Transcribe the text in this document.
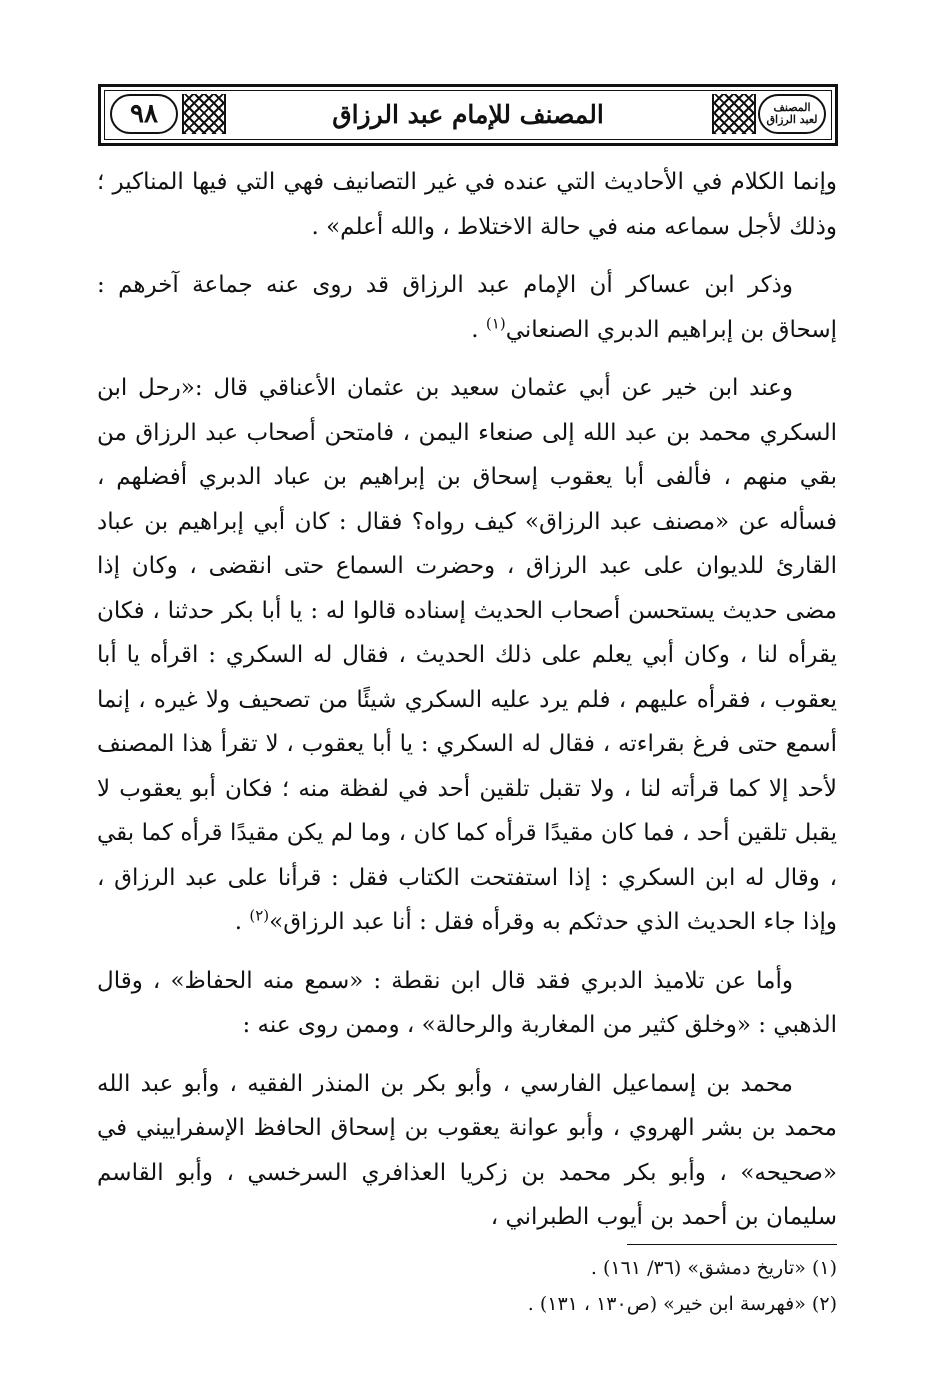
٩٨	المصنف للإمام عبد الرزاق	المصنف
لعبد الرزاق

وإنما الكلام في الأحاديث التي عنده في غير التصانيف فهي التي فيها المناكير ؛ وذلك لأجل سماعه منه في حالة الاختلاط ، والله أعلم» .

وذكر ابن عساكر أن الإمام عبد الرزاق قد روى عنه جماعة آخرهم : إسحاق بن إبراهيم الدبري الصنعاني$^{(١)}$ .

وعند ابن خير عن أبي عثمان سعيد بن عثمان الأعناقي قال :«رحل ابن السكري محمد بن عبد الله إلى صنعاء اليمن ، فامتحن أصحاب عبد الرزاق من بقي منهم ، فألفى أبا يعقوب إسحاق بن إبراهيم بن عباد الدبري أفضلهم ، فسأله عن «مصنف عبد الرزاق» كيف رواه؟ فقال : كان أبي إبراهيم بن عباد القارئ للديوان على عبد الرزاق ، وحضرت السماع حتى انقضى ، وكان إذا مضى حديث يستحسن أصحاب الحديث إسناده قالوا له : يا أبا بكر حدثنا ، فكان يقرأه لنا ، وكان أبي يعلم على ذلك الحديث ، فقال له السكري : اقرأه يا أبا يعقوب ، فقرأه عليهم ، فلم يرد عليه السكري شيئًا من تصحيف ولا غيره ، إنما أسمع حتى فرغ بقراءته ، فقال له السكري : يا أبا يعقوب ، لا تقرأ هذا المصنف لأحد إلا كما قرأته لنا ، ولا تقبل تلقين أحد في لفظة منه ؛ فكان أبو يعقوب لا يقبل تلقين أحد ، فما كان مقيدًا قرأه كما كان ، وما لم يكن مقيدًا قرأه كما بقي ، وقال له ابن السكري : إذا استفتحت الكتاب فقل : قرأنا على عبد الرزاق ، وإذا جاء الحديث الذي حدثكم به وقرأه فقل : أنا عبد الرزاق»$^{(٢)}$ .

وأما عن تلاميذ الدبري فقد قال ابن نقطة : «سمع منه الحفاظ» ، وقال الذهبي : «وخلق كثير من المغاربة والرحالة» ، وممن روى عنه :

محمد بن إسماعيل الفارسي ، وأبو بكر بن المنذر الفقيه ، وأبو عبد الله محمد بن بشر الهروي ، وأبو عوانة يعقوب بن إسحاق الحافظ الإسفراييني في «صحيحه» ، وأبو بكر محمد بن زكريا العذافري السرخسي ، وأبو القاسم سليمان بن أحمد بن أيوب الطبراني ،

(١) «تاريخ دمشق» (٣٦/ ١٦١) .

(٢) «فهرسة ابن خير» (ص١٣٠ ، ١٣١) .
